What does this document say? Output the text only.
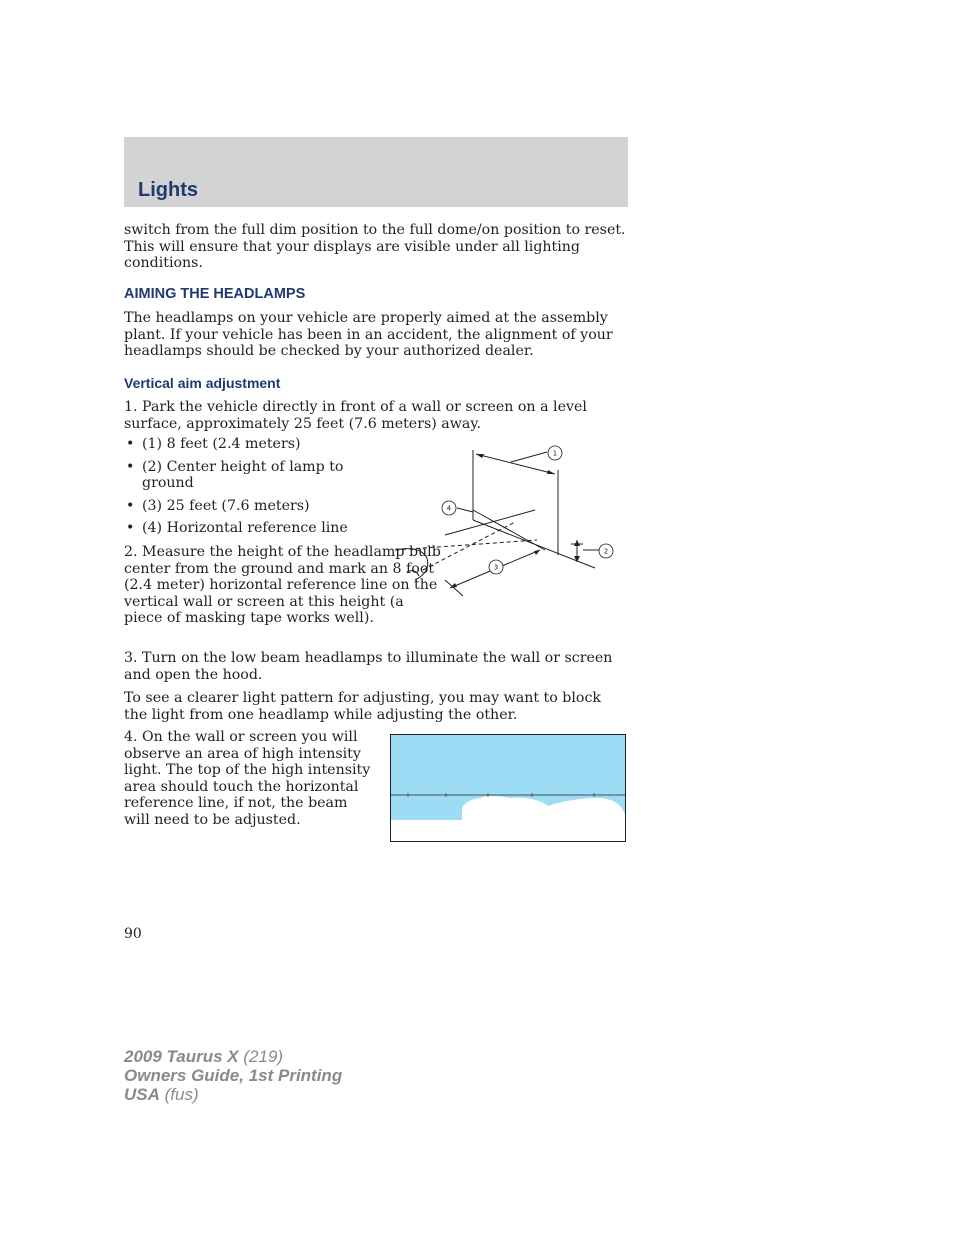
Lights

switch from the full dim position to the full dome/on position to reset. This will ensure that your displays are visible under all lighting conditions.

AIMING THE HEADLAMPS

The headlamps on your vehicle are properly aimed at the assembly plant. If your vehicle has been in an accident, the alignment of your headlamps should be checked by your authorized dealer.

Vertical aim adjustment

1. Park the vehicle directly in front of a wall or screen on a level surface, approximately 25 feet (7.6 meters) away.

• (1) 8 feet (2.4 meters)
• (2) Center height of lamp to ground
• (3) 25 feet (7.6 meters)
• (4) Horizontal reference line

2. Measure the height of the headlamp bulb center from the ground and mark an 8 foot (2.4 meter) horizontal reference line on the vertical wall or screen at this height (a piece of masking tape works well).

1
2
3
4

3. Turn on the low beam headlamps to illuminate the wall or screen and open the hood.

To see a clearer light pattern for adjusting, you may want to block the light from one headlamp while adjusting the other.

4. On the wall or screen you will observe an area of high intensity light. The top of the high intensity area should touch the horizontal reference line, if not, the beam will need to be adjusted.

90

2009 Taurus X (219)
Owners Guide, 1st Printing
USA (fus)
